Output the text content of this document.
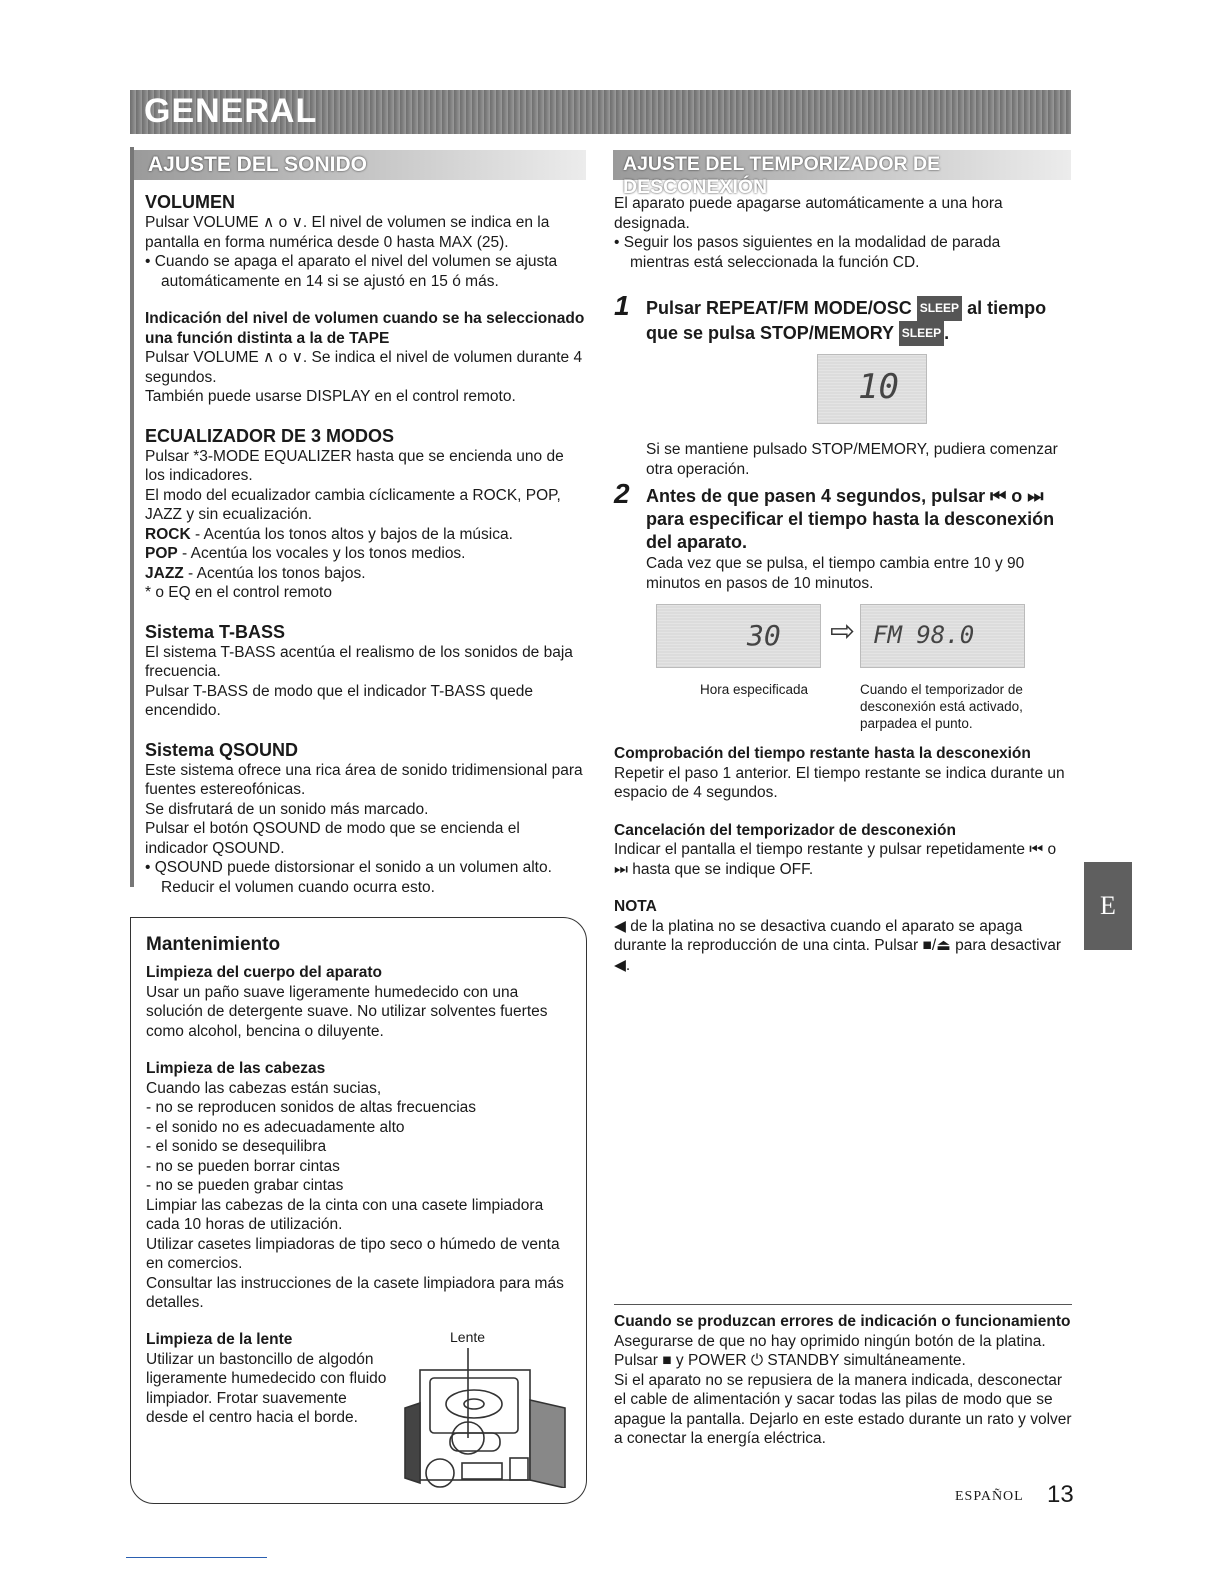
GENERAL
AJUSTE DEL SONIDO	AJUSTE DEL TEMPORIZADOR DE DESCONEXIÓN

VOLUMEN

Pulsar VOLUME ∧ o ∨. El nivel de volumen se indica en la pantalla en forma numérica desde 0 hasta MAX (25).

• Cuando se apaga el aparato el nivel del volumen se ajusta automáticamente en 14 si se ajustó en 15 ó más.

Indicación del nivel de volumen cuando se ha seleccionado una función distinta a la de TAPE

Pulsar VOLUME ∧ o ∨. Se indica el nivel de volumen durante 4 segundos.

También puede usarse DISPLAY en el control remoto.

ECUALIZADOR DE 3 MODOS

Pulsar *3-MODE EQUALIZER hasta que se encienda uno de los indicadores.

El modo del ecualizador cambia cíclicamente a ROCK, POP, JAZZ y sin ecualización.

ROCK - Acentúa los tonos altos y bajos de la música.

POP - Acentúa los vocales y los tonos medios.

JAZZ - Acentúa los tonos bajos.

* o EQ en el control remoto

Sistema T-BASS

El sistema T-BASS acentúa el realismo de los sonidos de baja frecuencia.

Pulsar T-BASS de modo que el indicador T-BASS quede encendido.

Sistema QSOUND

Este sistema ofrece una rica área de sonido tridimensional para fuentes estereofónicas.

Se disfrutará de un sonido más marcado.

Pulsar el botón QSOUND de modo que se encienda el indicador QSOUND.

• QSOUND puede distorsionar el sonido a un volumen alto. Reducir el volumen cuando ocurra esto.

Mantenimiento

Limpieza del cuerpo del aparato

Usar un paño suave ligeramente humedecido con una solución de detergente suave. No utilizar solventes fuertes como alcohol, bencina o diluyente.

Limpieza de las cabezas

Cuando las cabezas están sucias,

- no se reproducen sonidos de altas frecuencias

- el sonido no es adecuadamente alto

- el sonido se desequilibra

- no se pueden borrar cintas

- no se pueden grabar cintas

Limpiar las cabezas de la cinta con una casete limpiadora cada 10 horas de utilización.

Utilizar casetes limpiadoras de tipo seco o húmedo de venta en comercios.

Consultar las instrucciones de la casete limpiadora para más detalles.

Limpieza de la lente

Utilizar un bastoncillo de algodón ligeramente humedecido con fluido limpiador. Frotar suavemente desde el centro hacia el borde.

Lente

El aparato puede apagarse automáticamente a una hora designada.

• Seguir los pasos siguientes en la modalidad de parada mientras está seleccionada la función CD.

1 Pulsar REPEAT/FM MODE/OSC SLEEP al tiempo que se pulsa STOP/MEMORY SLEEP .
10

Si se mantiene pulsado STOP/MEMORY, pudiera comenzar otra operación.

2 Antes de que pasen 4 segundos, pulsar ⏮ o ⏭ para especificar el tiempo hasta la desconexión del aparato.

Cada vez que se pulsa, el tiempo cambia entre 10 y 90 minutos en pasos de 10 minutos.

30 ⇨ FM 98.0
Hora especificada	Cuando el temporizador de desconexión está activado, parpadea el punto.

Comprobación del tiempo restante hasta la desconexión

Repetir el paso 1 anterior. El tiempo restante se indica durante un espacio de 4 segundos.

Cancelación del temporizador de desconexión

Indicar el pantalla el tiempo restante y pulsar repetidamente ⏮ o ⏭ hasta que se indique OFF.

NOTA

◀ de la platina no se desactiva cuando el aparato se apaga durante la reproducción de una cinta. Pulsar ■/⏏ para desactivar ◀.

Cuando se produzcan errores de indicación o funcionamiento

Asegurarse de que no hay oprimido ningún botón de la platina.

Pulsar ■ y POWER ⏻ STANDBY simultáneamente.

Si el aparato no se repusiera de la manera indicada, desconectar el cable de alimentación y sacar todas las pilas de modo que se apague la pantalla. Dejarlo en este estado durante un rato y volver a conectar la energía eléctrica.

E
ESPAÑOL 13
